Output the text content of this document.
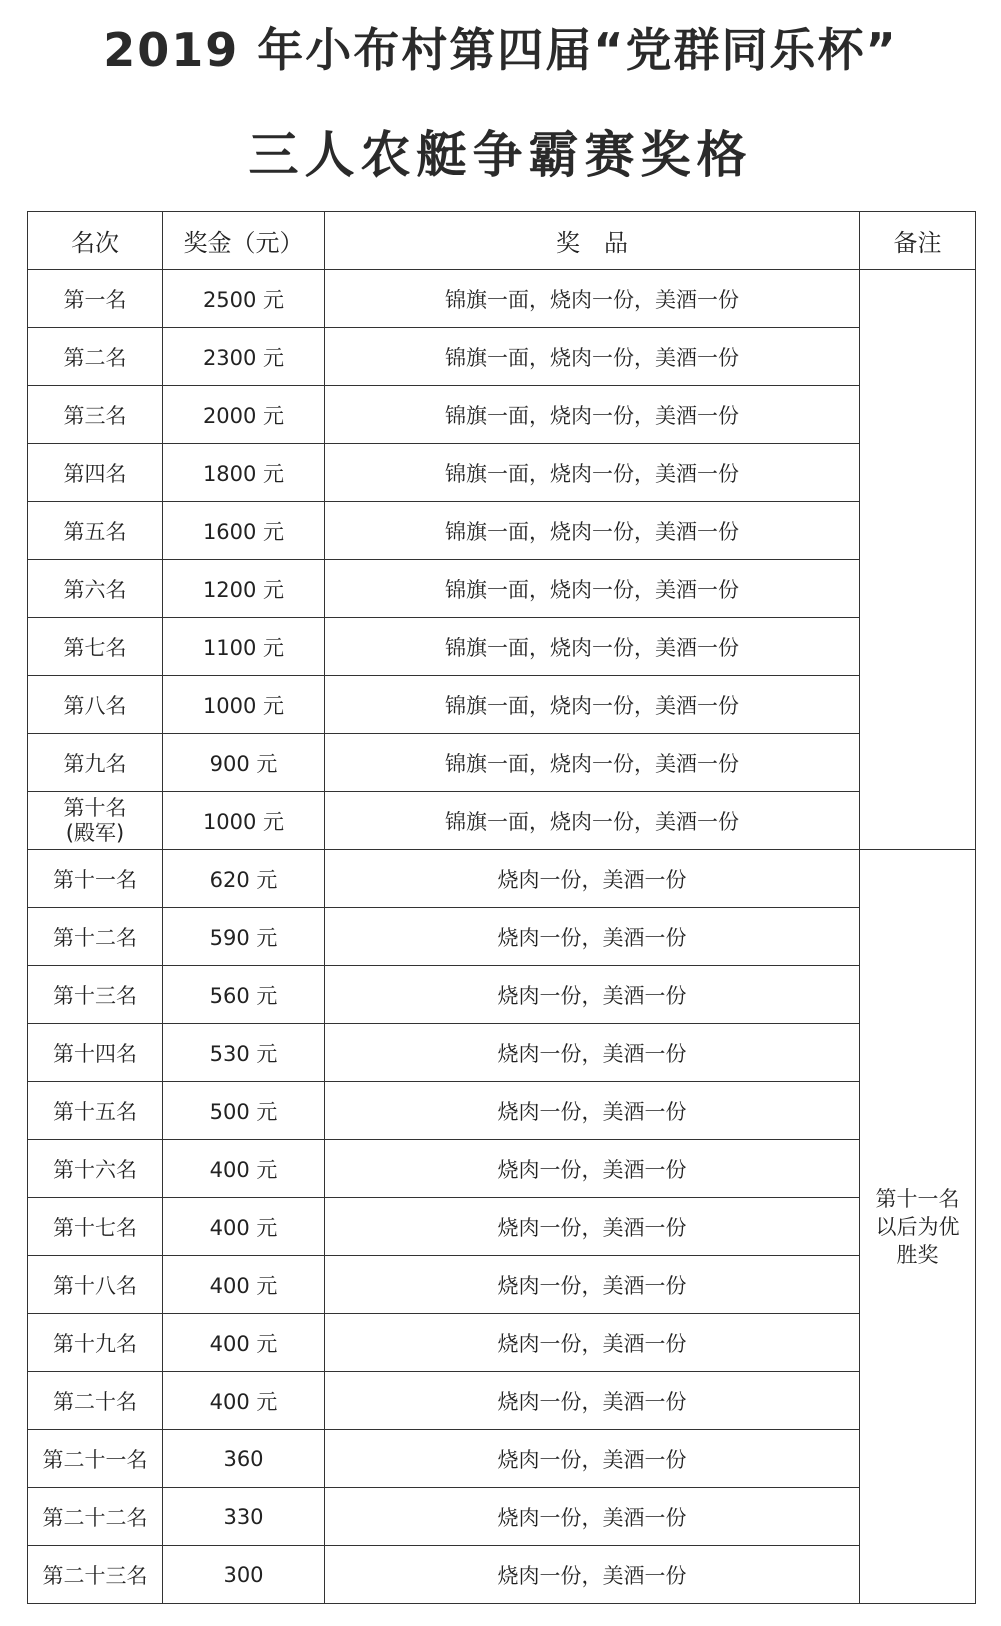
2019 年小布村第四届“党群同乐杯”
三人农艇争霸赛奖格
名次	奖金（元）	奖品	备注
第一名	2500 元	锦旗一面，烧肉一份，美酒一份	
第二名	2300 元	锦旗一面，烧肉一份，美酒一份	
第三名	2000 元	锦旗一面，烧肉一份，美酒一份	
第四名	1800 元	锦旗一面，烧肉一份，美酒一份	
第五名	1600 元	锦旗一面，烧肉一份，美酒一份	
第六名	1200 元	锦旗一面，烧肉一份，美酒一份	
第七名	1100 元	锦旗一面，烧肉一份，美酒一份	
第八名	1000 元	锦旗一面，烧肉一份，美酒一份	
第九名	900 元	锦旗一面，烧肉一份，美酒一份	

第十名
(殿军)	1000 元	锦旗一面，烧肉一份，美酒一份	
第十一名	620 元	烧肉一份，美酒一份	第十一名
以后为优
胜奖

第十二名	590 元	烧肉一份，美酒一份	
第十三名	560 元	烧肉一份，美酒一份	
第十四名	530 元	烧肉一份，美酒一份	
第十五名	500 元	烧肉一份，美酒一份	
第十六名	400 元	烧肉一份，美酒一份	
第十七名	400 元	烧肉一份，美酒一份	
第十八名	400 元	烧肉一份，美酒一份	
第十九名	400 元	烧肉一份，美酒一份	
第二十名	400 元	烧肉一份，美酒一份	
第二十一名	360	烧肉一份，美酒一份	
第二十二名	330	烧肉一份，美酒一份	
第二十三名	300	烧肉一份，美酒一份	
